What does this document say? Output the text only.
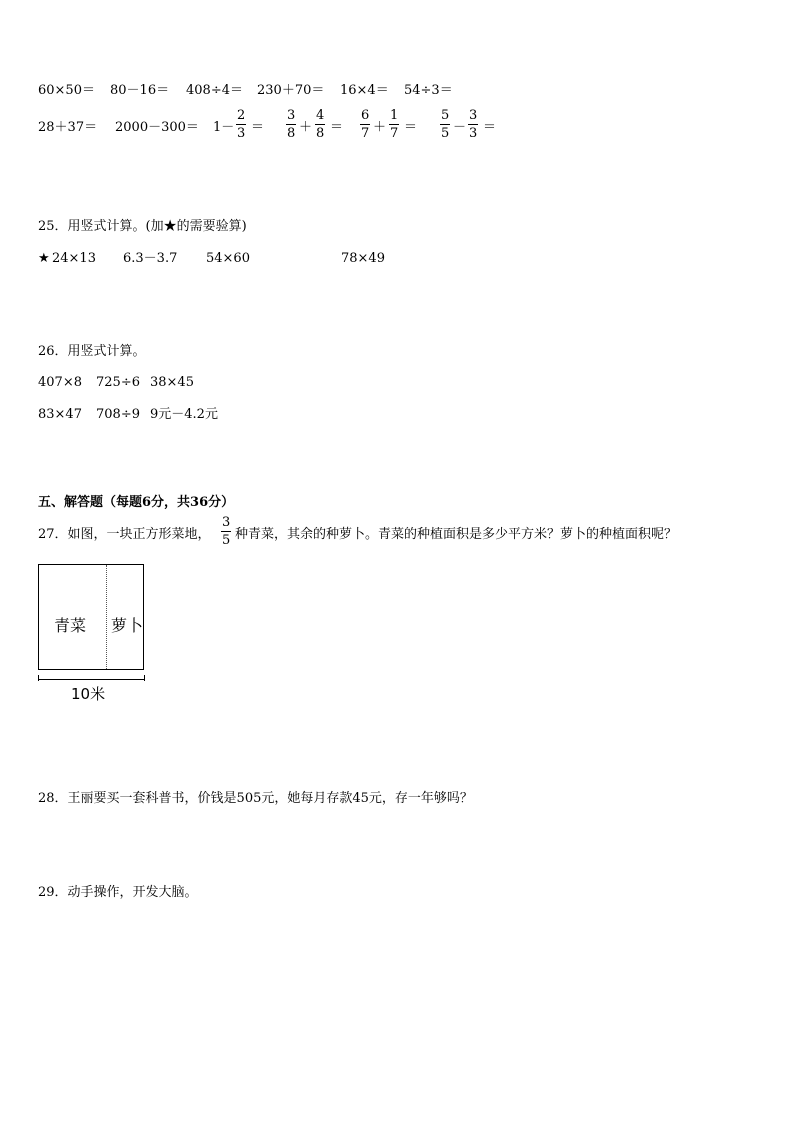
60×50＝ 80－16＝ 408÷4＝ 230＋70＝ 16×4＝ 54÷3＝
28＋37＝ 2000－300＝ 1－
2
3 ＝
3
8 ＋
4
8 ＝
6
7 ＋
1
7 ＝
5
5 －
3
3 ＝
25．用竖式计算。(加★的需要验算)
★ 24×13 6.3－3.7 54×60	78×49
26．用竖式计算。
407×8 725÷6 38×45
83×47 708÷9 9元－4.2元
五、解答题（每题6分，共36分）
27．如图，一块正方形菜地，
3
5 种青菜，其余的种萝卜。青菜的种植面积是多少平方米？萝卜的种植面积呢？
青菜 萝卜
10米
28．王丽要买一套科普书，价钱是505元，她每月存款45元，存一年够吗？
29．动手操作，开发大脑。
